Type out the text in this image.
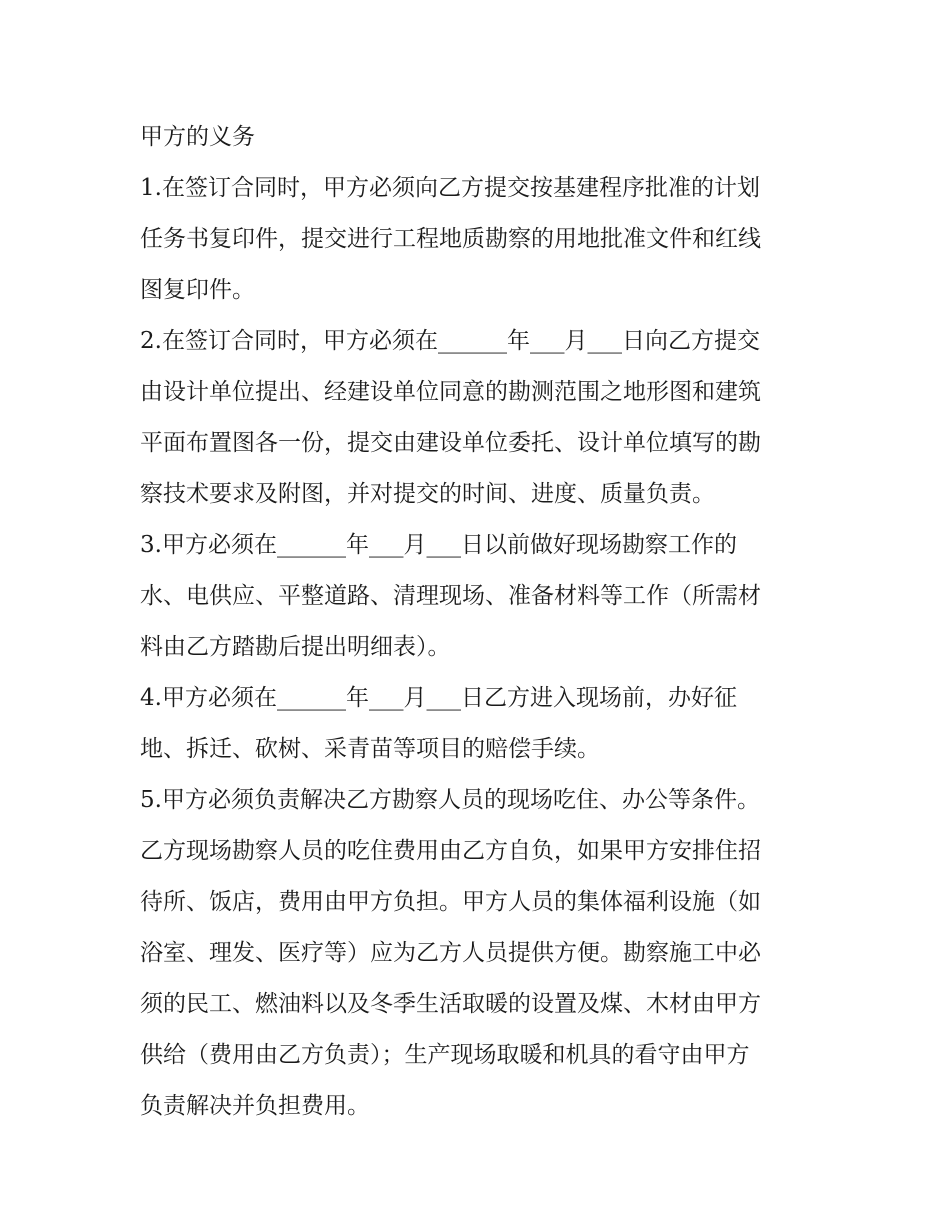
甲方的义务
1.在签订合同时，甲方必须向乙方提交按基建程序批准的计划
任务书复印件，提交进行工程地质勘察的用地批准文件和红线
图复印件。
2.在签订合同时，甲方必须在______年___月___日向乙方提交
由设计单位提出、经建设单位同意的勘测范围之地形图和建筑
平面布置图各一份，提交由建设单位委托、设计单位填写的勘
察技术要求及附图，并对提交的时间、进度、质量负责。
3.甲方必须在______年___月___日以前做好现场勘察工作的
水、电供应、平整道路、清理现场、准备材料等工作（所需材
料由乙方踏勘后提出明细表）。
4.甲方必须在______年___月___日乙方进入现场前，办好征
地、拆迁、砍树、采青苗等项目的赔偿手续。
5.甲方必须负责解决乙方勘察人员的现场吃住、办公等条件。
乙方现场勘察人员的吃住费用由乙方自负，如果甲方安排住招
待所、饭店，费用由甲方负担。甲方人员的集体福利设施（如
浴室、理发、医疗等）应为乙方人员提供方便。勘察施工中必
须的民工、燃油料以及冬季生活取暖的设置及煤、木材由甲方
供给（费用由乙方负责）；生产现场取暖和机具的看守由甲方
负责解决并负担费用。
